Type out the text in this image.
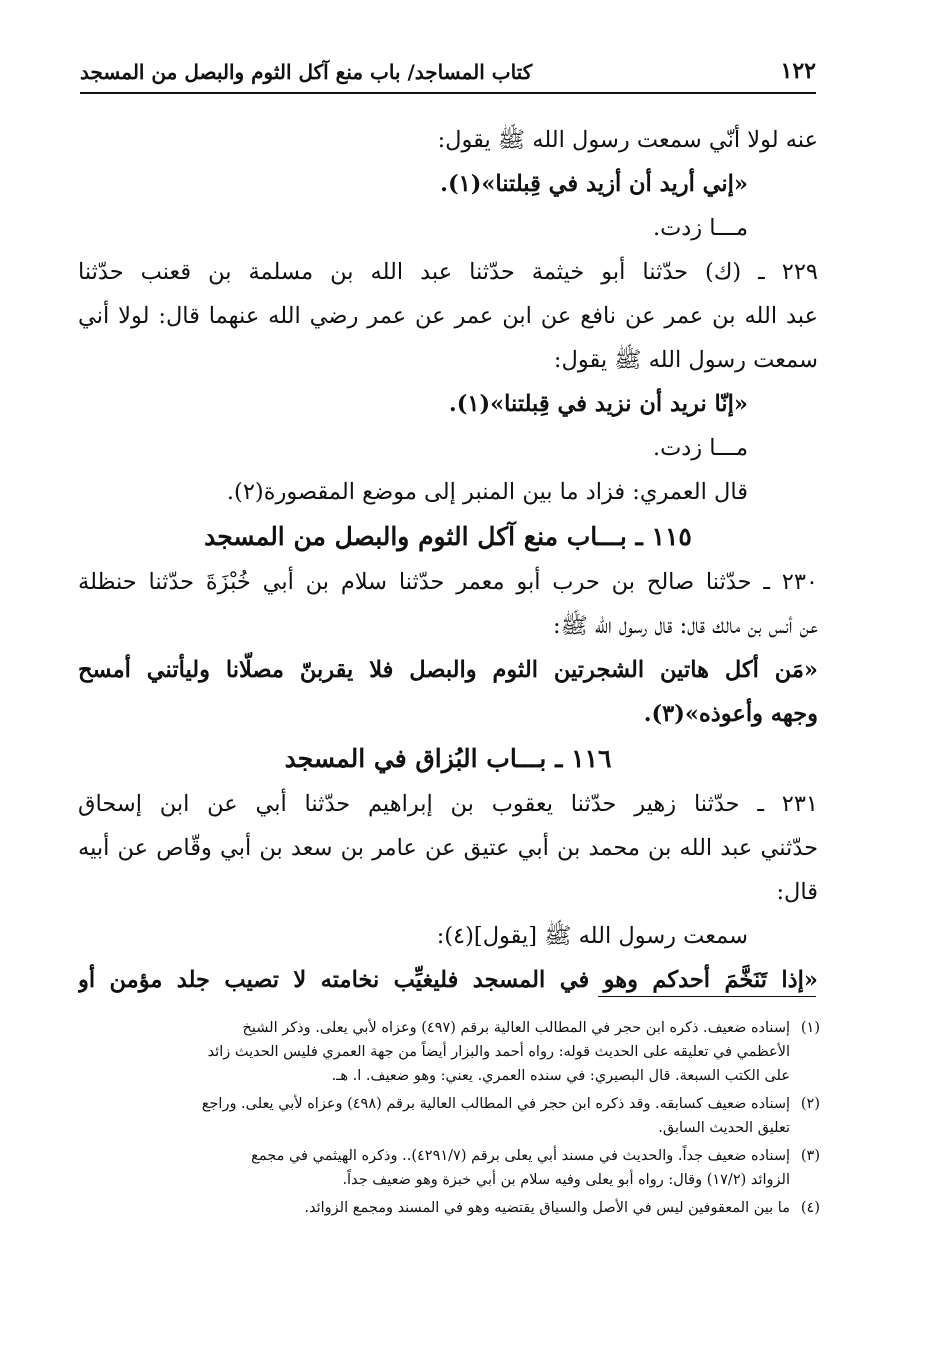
١٢٢
كتاب المساجد/ باب منع آكل الثوم والبصل من المسجد
عنه لولا أنّي سمعت رسول الله ﷺ يقول:
«إني أريد أن أزيد في قِبلتنا»(١).
مـــا زدت.
٢٢٩ ـ (ك) حدّثنا أبو خيثمة حدّثنا عبد الله بن مسلمة بن قعنب حدّثنا
عبد الله بن عمر عن نافع عن ابن عمر عن عمر رضي الله عنهما قال: لولا أني
سمعت رسول الله ﷺ يقول:
«إنّا نريد أن نزيد في قِبلتنا»(١).
مـــا زدت.
قال العمري: فزاد ما بين المنبر إلى موضع المقصورة(٢).
١١٥ ـ بـــاب منع آكل الثوم والبصل من المسجد
٢٣٠ ـ حدّثنا صالح بن حرب أبو معمر حدّثنا سلام بن أبي خُبْزَةَ حدّثنا حنظلة
عن أنس بن مالك قال: قال رسول الله ﷺ:
«مَن أكل هاتين الشجرتين الثوم والبصل فلا يقربنّ مصلّانا وليأتني أمسح
وجهه وأعوذه»(٣).
١١٦ ـ بـــاب البُزاق في المسجد
٢٣١ ـ حدّثنا زهير حدّثنا يعقوب بن إبراهيم حدّثنا أبي عن ابن إسحاق
حدّثني عبد الله بن محمد بن أبي عتيق عن عامر بن سعد بن أبي وقّاص عن أبيه
قال:
سمعت رسول الله ﷺ [يقول](٤):
«إذا تَنَخَّمَ أحدكم وهو في المسجد فليغيِّب نخامته لا تصيب جلد مؤمن أو
(١)
إسناده ضعيف. ذكره ابن حجر في المطالب العالية برقم (٤٩٧) وعزاه لأبي يعلى. وذكر الشيخ
الأعظمي في تعليقه على الحديث قوله: رواه أحمد والبزار أيضاً من جهة العمري فليس الحديث زائد
على الكتب السبعة. قال البصيري: في سنده العمري. يعني: وهو ضعيف. ا. هـ.
(٢)
إسناده ضعيف كسابقه. وقد ذكره ابن حجر في المطالب العالية برقم (٤٩٨) وعزاه لأبي يعلى. وراجع
تعليق الحديث السابق.
(٣)
إسناده ضعيف جداً. والحديث في مسند أبي يعلى برقم (٤٢٩١/٧).. وذكره الهيثمي في مجمع
الزوائد (١٧/٢) وقال: رواه أبو يعلى وفيه سلام بن أبي خبزة وهو ضعيف جداً.
(٤)
ما بين المعقوفين ليس في الأصل والسياق يقتضيه وهو في المسند ومجمع الزوائد.
